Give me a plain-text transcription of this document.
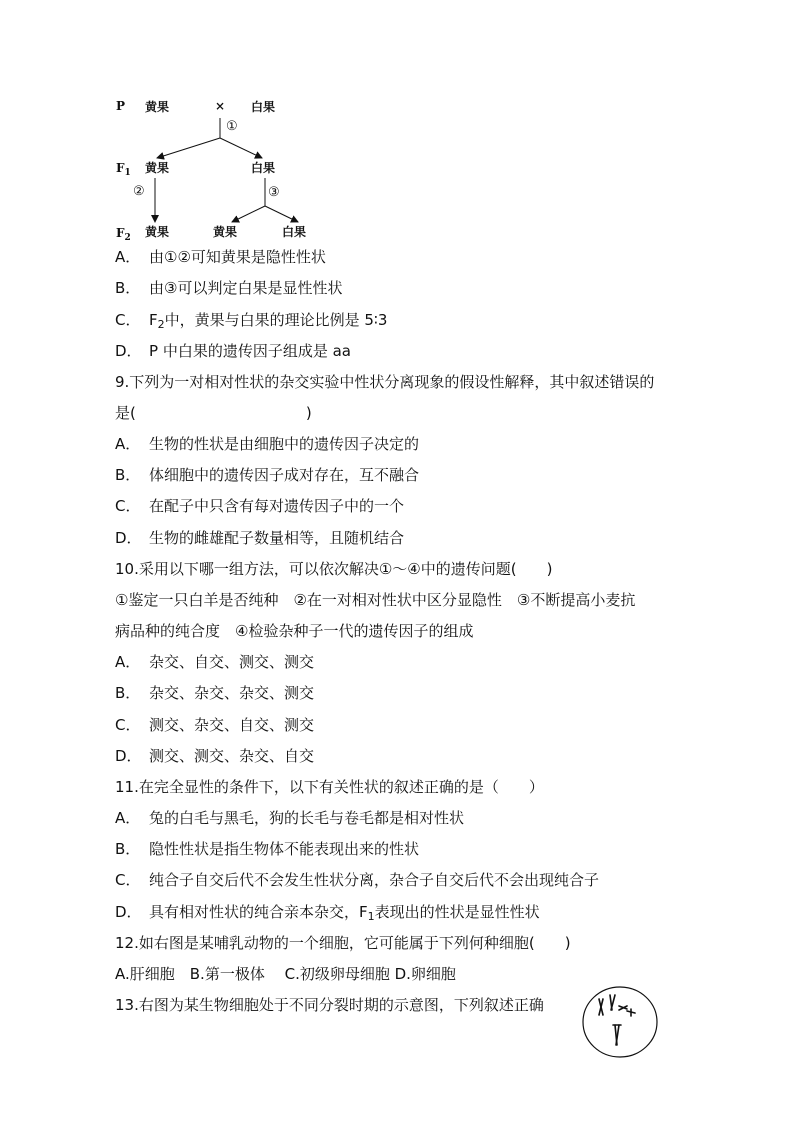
P 黄果	× 白果
①
$F_1$ 黄果	白果
②	③
$F_2$ 黄果	黄果	白果
A． 由①②可知黄果是隐性性状
B． 由③可以判定白果是显性性状
C． $F_2$中，黄果与白果的理论比例是 5∶3
D． P 中白果的遗传因子组成是 aa
9.下列为一对相对性状的杂交实验中性状分离现象的假设性解释，其中叙述错误的
是(	)
A． 生物的性状是由细胞中的遗传因子决定的
B． 体细胞中的遗传因子成对存在，互不融合
C． 在配子中只含有每对遗传因子中的一个
D． 生物的雌雄配子数量相等，且随机结合
10.采用以下哪一组方法，可以依次解决①～④中的遗传问题(　　)
①鉴定一只白羊是否纯种　②在一对相对性状中区分显隐性　③不断提高小麦抗
病品种的纯合度　④检验杂种子一代的遗传因子的组成
A． 杂交、自交、测交、测交
B． 杂交、杂交、杂交、测交
C． 测交、杂交、自交、测交
D． 测交、测交、杂交、自交
11.在完全显性的条件下，以下有关性状的叙述正确的是（　　）
A． 兔的白毛与黑毛，狗的长毛与卷毛都是相对性状
B． 隐性性状是指生物体不能表现出来的性状
C． 纯合子自交后代不会发生性状分离，杂合子自交后代不会出现纯合子
D． 具有相对性状的纯合亲本杂交，$F_1$表现出的性状是显性性状
12.如右图是某哺乳动物的一个细胞，它可能属于下列何种细胞(　　)
A.肝细胞　B.第一极体　 C.初级卵母细胞 D.卵细胞
13.右图为某生物细胞处于不同分裂时期的示意图，下列叙述正确
